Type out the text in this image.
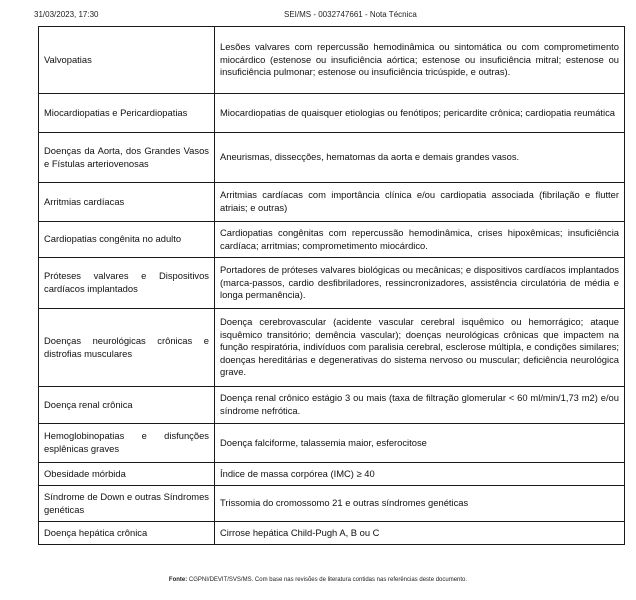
31/03/2023, 17:30	SEI/MS - 0032747661 - Nota Técnica
Valvopatias	Lesões valvares com repercussão hemodinâmica ou sintomática ou com comprometimento miocárdico (estenose ou insuficiência aórtica; estenose ou insuficiência mitral; estenose ou insuficiência pulmonar; estenose ou insuficiência tricúspide, e outras).
Miocardiopatias e Pericardiopatias	Miocardiopatias de quaisquer etiologias ou fenótipos; pericardite crônica; cardiopatia reumática
Doenças da Aorta, dos Grandes Vasos e Fístulas arteriovenosas	Aneurismas, dissecções, hematomas da aorta e demais grandes vasos.
Arritmias cardíacas	Arritmias cardíacas com importância clínica e/ou cardiopatia associada (fibrilação e flutter atriais; e outras)
Cardiopatias congênita no adulto	Cardiopatias congênitas com repercussão hemodinâmica, crises hipoxêmicas; insuficiência cardíaca; arritmias; comprometimento miocárdico.
Próteses valvares e Dispositivos cardíacos implantados	Portadores de próteses valvares biológicas ou mecânicas; e dispositivos cardíacos implantados (marca-passos, cardio desfibriladores, ressincronizadores, assistência circulatória de média e longa permanência).
Doenças neurológicas crônicas e distrofias musculares	Doença cerebrovascular (acidente vascular cerebral isquêmico ou hemorrágico; ataque isquêmico transitório; demência vascular); doenças neurológicas crônicas que impactem na função respiratória, indivíduos com paralisia cerebral, esclerose múltipla, e condições similares; doenças hereditárias e degenerativas do sistema nervoso ou muscular; deficiência neurológica grave.
Doença renal crônica	Doença renal crônico estágio 3 ou mais (taxa de filtração glomerular < 60 ml/min/1,73 m2) e/ou síndrome nefrótica.
Hemoglobinopatias e disfunções esplênicas graves	Doença falciforme, talassemia maior, esferocitose
Obesidade mórbida	Índice de massa corpórea (IMC) ≥ 40
Síndrome de Down e outras Síndromes genéticas	Trissomia do cromossomo 21 e outras síndromes genéticas
Doença hepática crônica	Cirrose hepática Child-Pugh A, B ou C
Fonte: CGPNI/DEVIT/SVS/MS. Com base nas revisões de literatura contidas nas referências deste documento.
